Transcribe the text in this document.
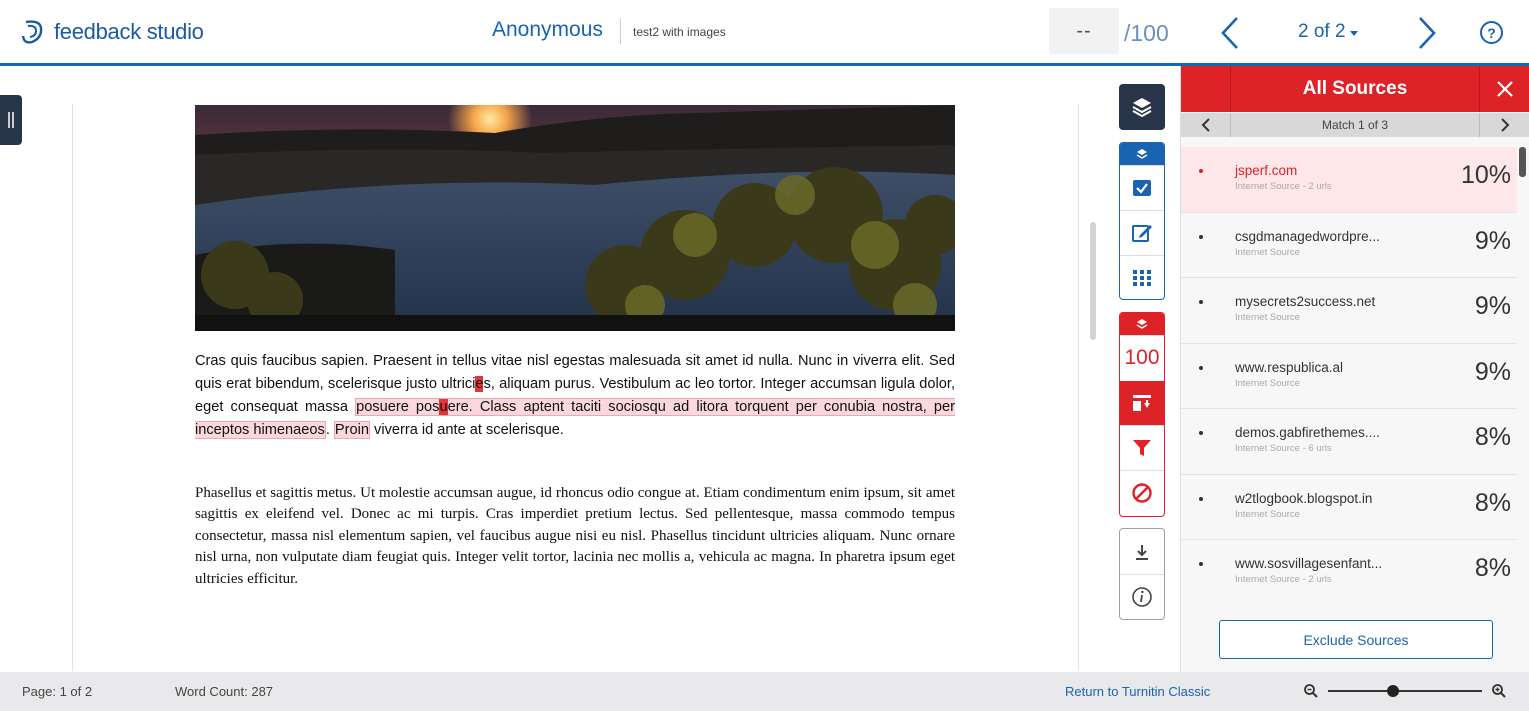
feedback studio	Anonymous	test2 with images	--	/100	2 of 2	?

Cras quis faucibus sapien. Praesent in tellus vitae nisl egestas malesuada sit amet id nulla. Nunc in viverra elit. Sed quis erat bibendum, scelerisque justo ultricies, aliquam purus. Vestibulum ac leo tortor. Integer accumsan ligula dolor, eget consequat massa posuere posuere. Class aptent taciti sociosqu ad litora torquent per conubia nostra, per inceptos himenaeos. Proin viverra id ante at scelerisque.

Phasellus et sagittis metus. Ut molestie accumsan augue, id rhoncus odio congue at. Etiam condimentum enim ipsum, sit amet sagittis ex eleifend vel. Donec ac mi turpis. Cras imperdiet pretium lectus. Sed pellentesque, massa commodo tempus consectetur, massa nisl elementum sapien, vel faucibus augue nisi eu nisl. Phasellus tincidunt ultricies aliquam. Nunc ornare nisl urna, non vulputate diam feugiat quis. Integer velit tortor, lacinia nec mollis a, vehicula ac magna. In pharetra ipsum eget ultricies efficitur.

100
All Sources
Match 1 of 3
jsperf.com
Internet Source - 2 urls	10%
csgdmanagedwordpre...
Internet Source	9%
mysecrets2success.net
Internet Source	9%
www.respublica.al
Internet Source	9%
demos.gabfirethemes....
Internet Source - 6 urls	8%
w2tlogbook.blogspot.in
Internet Source	8%
www.sosvillagesenfant...
Internet Source - 2 urls	8%
Exclude Sources
Page: 1 of 2	Word Count: 287	Return to Turnitin Classic
